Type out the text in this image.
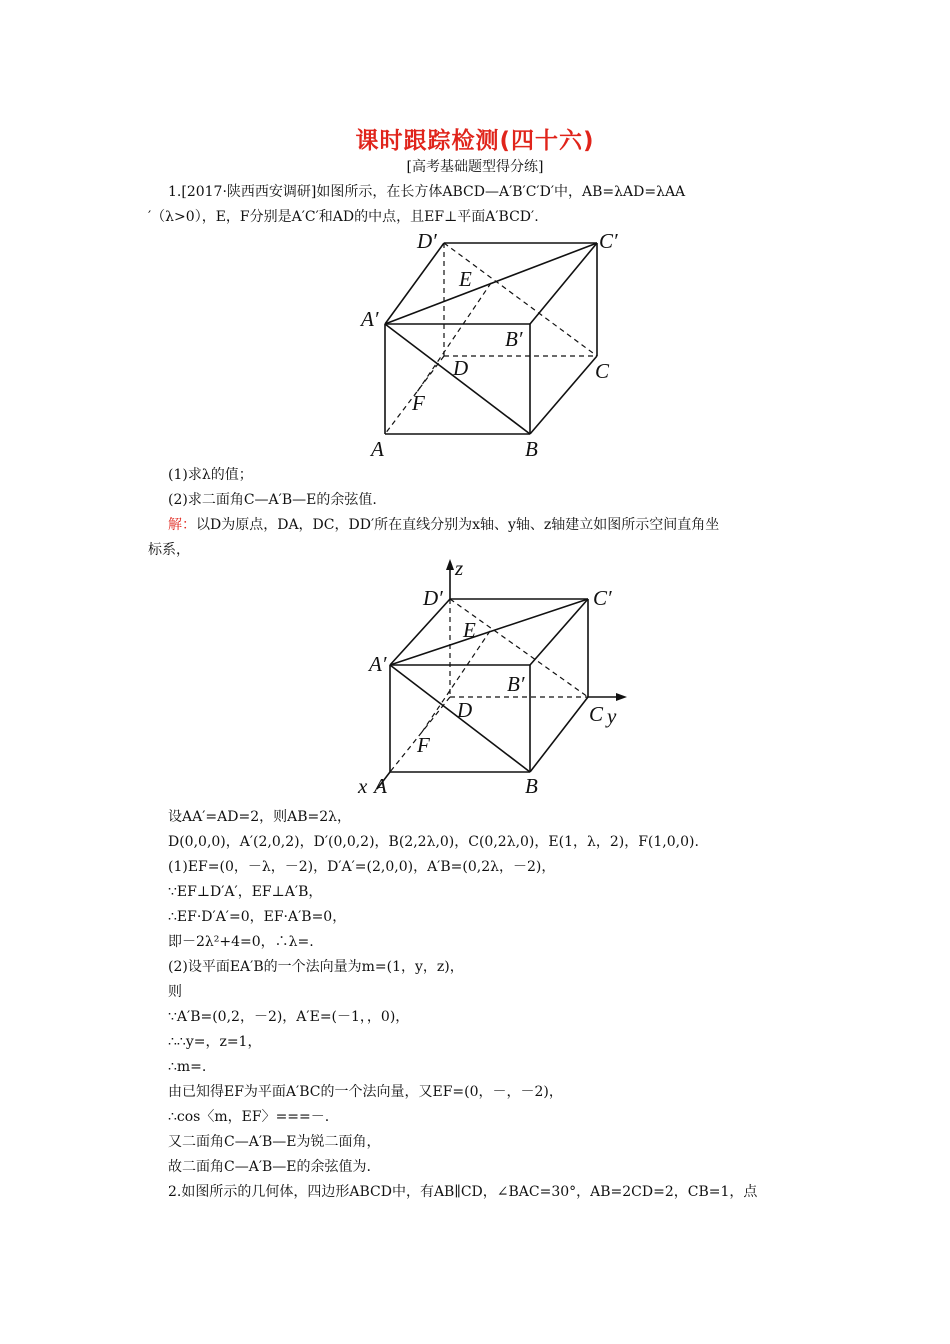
课时跟踪检测(四十六)
[高考基础题型得分练]
1.[2017·陕西西安调研]如图所示，在长方体ABCD—A′B′C′D′中，AB=λAD=λAA
′（λ>0），E，F分别是A′C′和AD的中点，且EF⊥平面A′BCD′.
D′	C′
A′
B′
E
D	C
F
A	B
(1)求λ的值；
(2)求二面角C—A′B—E的余弦值.
解：以D为原点，DA，DC，DD′所在直线分别为x轴、y轴、z轴建立如图所示空间直角坐
标系，
z
D′	C′
E
A′
B′
D	C y
F
x A	B
设AA′=AD=2，则AB=2λ，
D(0,0,0)，A′(2,0,2)，D′(0,0,2)，B(2,2λ,0)，C(0,2λ,0)，E(1，λ，2)，F(1,0,0).
(1)EF=(0，－λ，－2)，D′A′=(2,0,0)，A′B=(0,2λ，－2)，
∵EF⊥D′A′，EF⊥A′B，
∴EF·D′A′=0，EF·A′B=0，
即－2λ²+4=0，∴λ=.
(2)设平面EA′B的一个法向量为m=(1，y，z)，
则
∵A′B=(0,2，－2)，A′E=(－1，，0)，
∴∴y=，z=1，
∴m=.
由已知得EF为平面A′BC的一个法向量，又EF=(0，－，－2)，
∴cos〈m，EF〉===－.
又二面角C—A′B—E为锐二面角，
故二面角C—A′B—E的余弦值为.
2.如图所示的几何体，四边形ABCD中，有AB∥CD，∠BAC=30°，AB=2CD=2，CB=1，点
